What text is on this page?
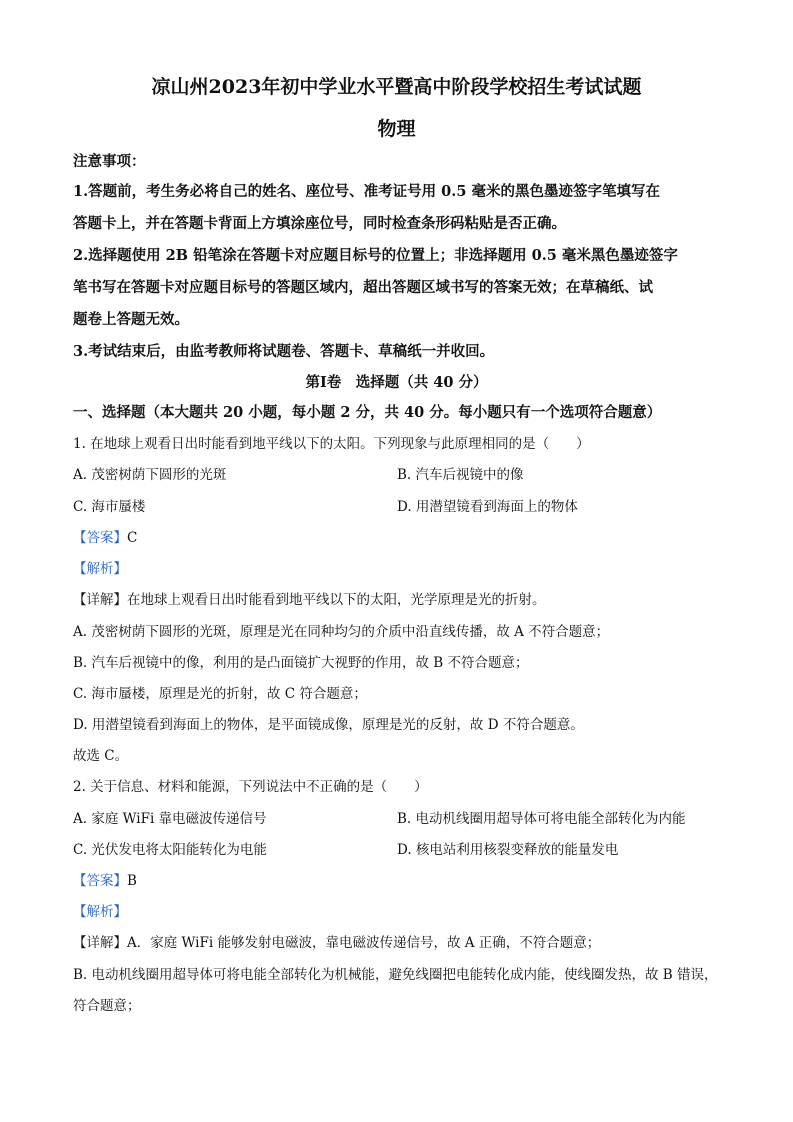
凉山州2023年初中学业水平暨高中阶段学校招生考试试题
物理
注意事项：
1.答题前，考生务必将自己的姓名、座位号、准考证号用 0.5 毫米的黑色墨迹签字笔填写在
答题卡上，并在答题卡背面上方填涂座位号，同时检查条形码粘贴是否正确。
2.选择题使用 2B 铅笔涂在答题卡对应题目标号的位置上；非选择题用 0.5 毫米黑色墨迹签字
笔书写在答题卡对应题目标号的答题区域内，超出答题区域书写的答案无效；在草稿纸、试
题卷上答题无效。
3.考试结束后，由监考教师将试题卷、答题卡、草稿纸一并收回。
第Ⅰ卷　选择题（共 40 分）
一、选择题（本大题共 20 小题，每小题 2 分，共 40 分。每小题只有一个选项符合题意）
1. 在地球上观看日出时能看到地平线以下的太阳。下列现象与此原理相同的是（　　）
A. 茂密树荫下圆形的光斑	B. 汽车后视镜中的像
C. 海市蜃楼	D. 用潜望镜看到海面上的物体
【答案】C
【解析】
【详解】在地球上观看日出时能看到地平线以下的太阳，光学原理是光的折射。
A. 茂密树荫下圆形的光斑，原理是光在同种均匀的介质中沿直线传播，故 A 不符合题意；
B. 汽车后视镜中的像，利用的是凸面镜扩大视野的作用，故 B 不符合题意；
C. 海市蜃楼，原理是光的折射，故 C 符合题意；
D. 用潜望镜看到海面上的物体，是平面镜成像，原理是光的反射，故 D 不符合题意。
故选 C。
2. 关于信息、材料和能源，下列说法中不正确的是（　　）
A. 家庭 WiFi 靠电磁波传递信号	B. 电动机线圈用超导体可将电能全部转化为内能
C. 光伏发电将太阳能转化为电能	D. 核电站利用核裂变释放的能量发电
【答案】B
【解析】
【详解】A．家庭 WiFi 能够发射电磁波，靠电磁波传递信号，故 A 正确，不符合题意；
B. 电动机线圈用超导体可将电能全部转化为机械能，避免线圈把电能转化成内能，使线圈发热，故 B 错误，
符合题意；
